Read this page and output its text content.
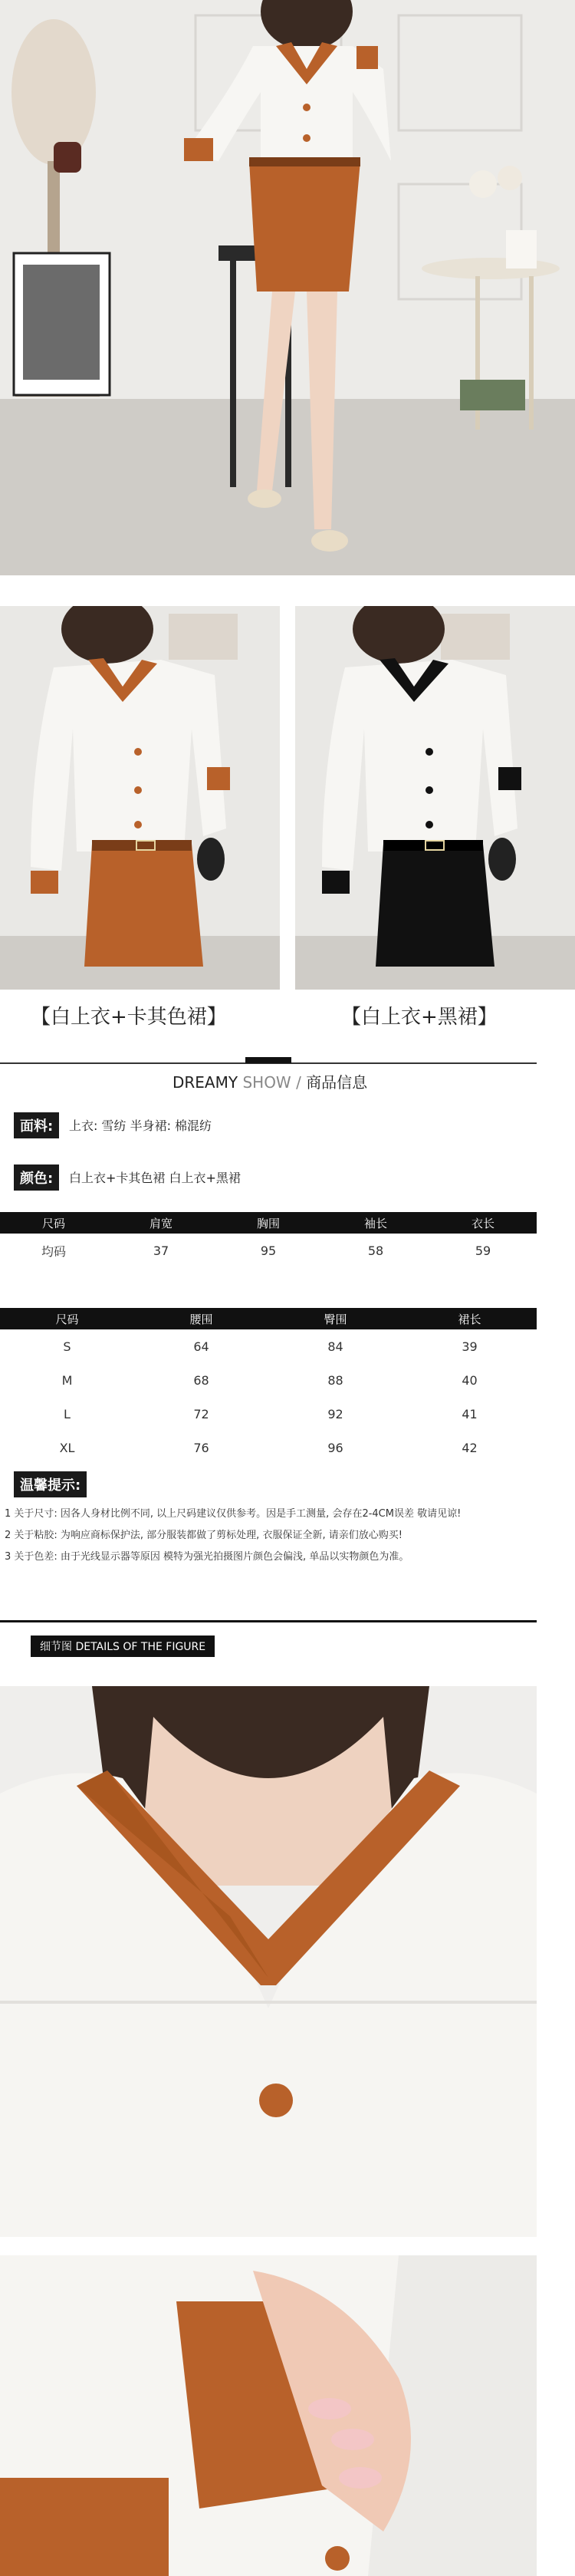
【白上衣+卡其色裙】	【白上衣+黑裙】
DREAMY SHOW / 商品信息
面料:	上衣: 雪纺 半身裙: 棉混纺
颜色:	白上衣+卡其色裙 白上衣+黑裙
尺码	肩宽	胸围	袖长	衣长
均码	37	95	58	59
尺码	腰围	臀围	裙长
S	64	84	39
M	68	88	40
L	72	92	41
XL	76	96	42
温馨提示:
1 关于尺寸: 因各人身材比例不同, 以上尺码建议仅供参考。因是手工测量, 会存在2-4CM误差 敬请见谅!
2 关于粘胶: 为响应商标保护法, 部分服装都做了剪标处理, 衣服保证全新, 请亲们放心购买!
3 关于色差: 由于光线显示器等原因 模特为强光拍摄图片颜色会偏浅, 单品以实物颜色为准。
细节图 DETAILS OF THE FIGURE
